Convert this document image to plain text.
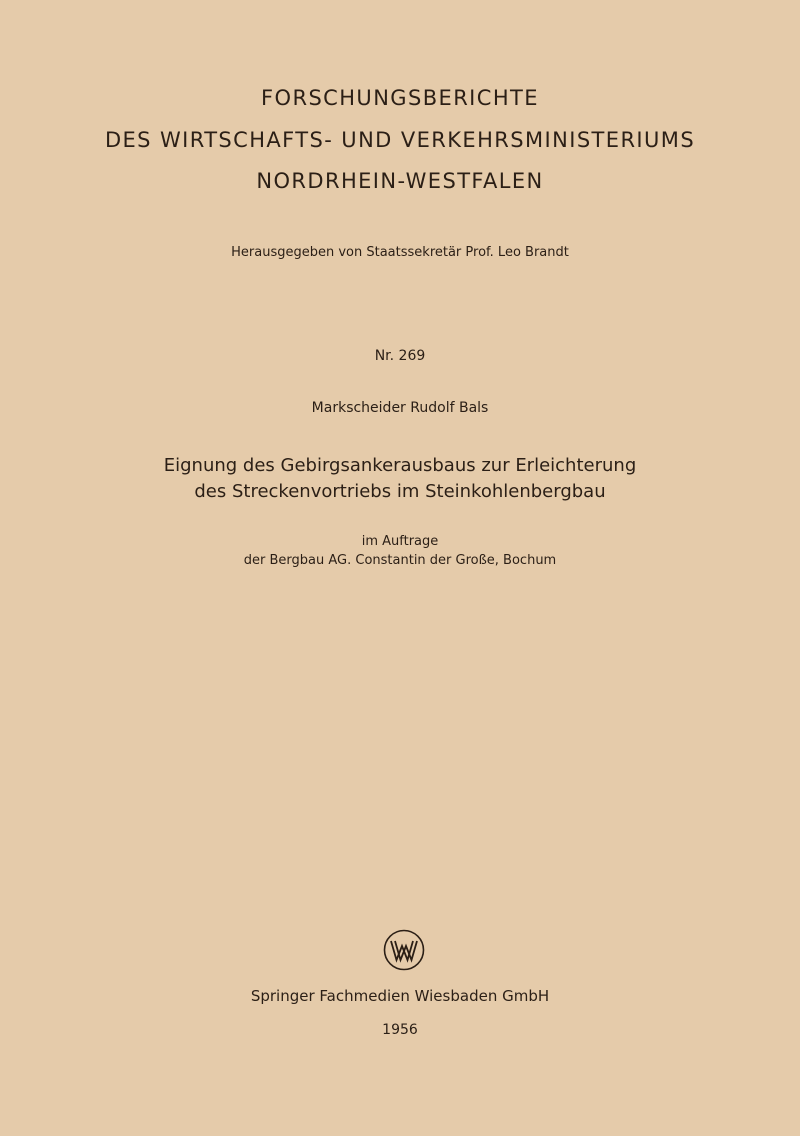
FORSCHUNGSBERICHTE
DES WIRTSCHAFTS- UND VERKEHRSMINISTERIUMS
NORDRHEIN-WESTFALEN
Herausgegeben von Staatssekretär Prof. Leo Brandt
Nr. 269
Markscheider Rudolf Bals
Eignung des Gebirgsankerausbaus zur Erleichterung
des Streckenvortriebs im Steinkohlenbergbau
im Auftrage
der Bergbau AG. Constantin der Große, Bochum
Springer Fachmedien Wiesbaden GmbH
1956
